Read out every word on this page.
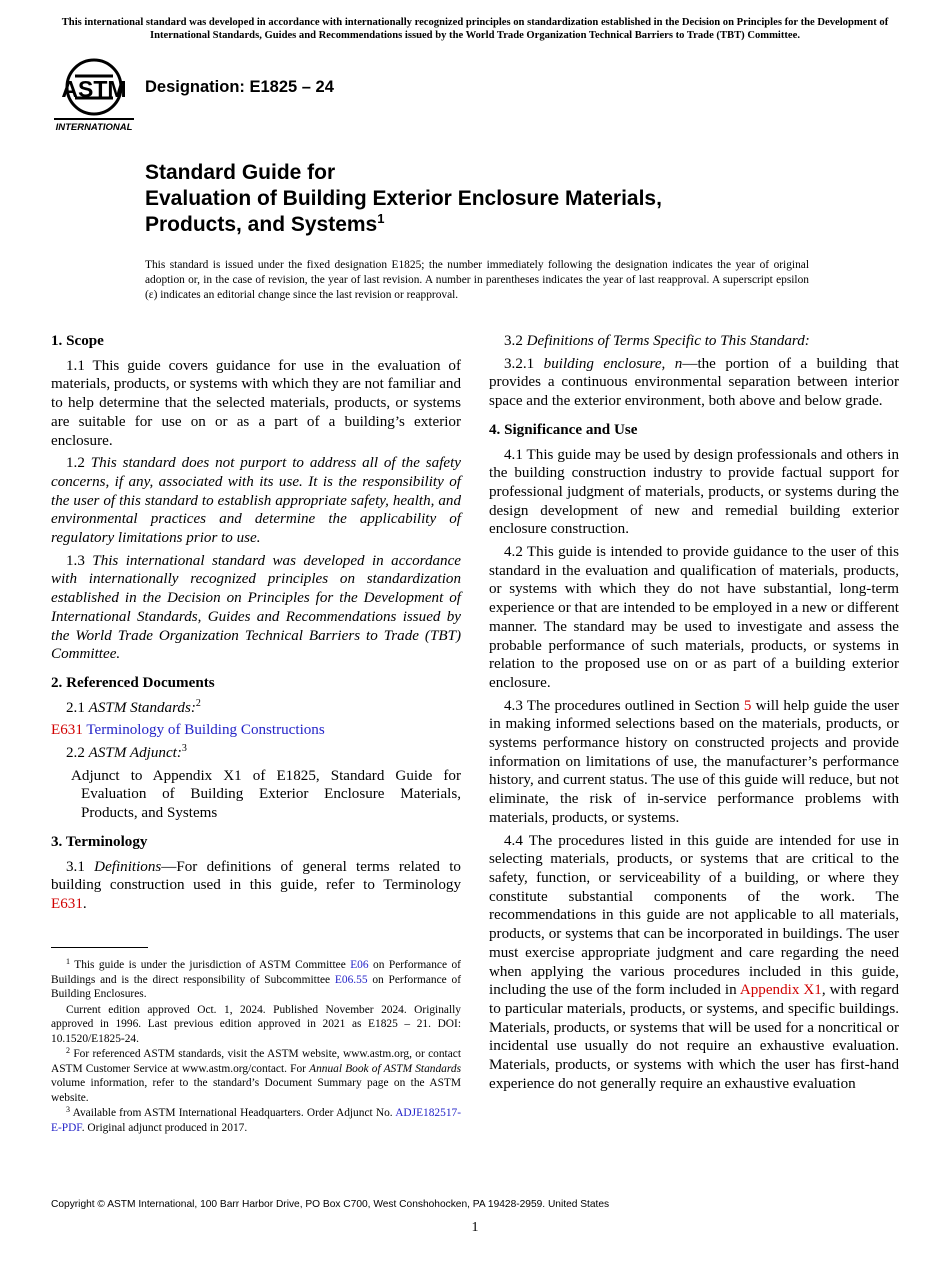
This international standard was developed in accordance with internationally recognized principles on standardization established in the Decision on Principles for the Development of International Standards, Guides and Recommendations issued by the World Trade Organization Technical Barriers to Trade (TBT) Committee.
ASTM
INTERNATIONAL
Designation: E1825 – 24
Standard Guide for
Evaluation of Building Exterior Enclosure Materials,
Products, and Systems$^1$
This standard is issued under the fixed designation E1825; the number immediately following the designation indicates the year of original adoption or, in the case of revision, the year of last revision. A number in parentheses indicates the year of last reapproval. A superscript epsilon (ε) indicates an editorial change since the last revision or reapproval.
1. Scope

1.1 This guide covers guidance for use in the evaluation of materials, products, or systems with which they are not familiar and to help determine that the selected materials, products, or systems are suitable for use on or as a part of a building’s exterior enclosure.

1.2 This standard does not purport to address all of the safety concerns, if any, associated with its use. It is the responsibility of the user of this standard to establish appropriate safety, health, and environmental practices and determine the applicability of regulatory limitations prior to use.

1.3 This international standard was developed in accordance with internationally recognized principles on standardization established in the Decision on Principles for the Development of International Standards, Guides and Recommendations issued by the World Trade Organization Technical Barriers to Trade (TBT) Committee.

2. Referenced Documents

2.1 ASTM Standards:$^2$

E631 Terminology of Building Constructions

2.2 ASTM Adjunct:$^3$

Adjunct to Appendix X1 of E1825, Standard Guide for Evaluation of Building Exterior Enclosure Materials, Products, and Systems

3. Terminology

3.1 Definitions—For definitions of general terms related to building construction used in this guide, refer to Terminology E631.

$^1$ This guide is under the jurisdiction of ASTM Committee E06 on Performance of Buildings and is the direct responsibility of Subcommittee E06.55 on Performance of Building Enclosures.

Current edition approved Oct. 1, 2024. Published November 2024. Originally approved in 1996. Last previous edition approved in 2021 as E1825 – 21. DOI: 10.1520/E1825-24.

$^2$ For referenced ASTM standards, visit the ASTM website, www.astm.org, or contact ASTM Customer Service at www.astm.org/contact. For Annual Book of ASTM Standards volume information, refer to the standard’s Document Summary page on the ASTM website.

$^3$ Available from ASTM International Headquarters. Order Adjunct No. ADJE182517-E-PDF. Original adjunct produced in 2017.

3.2 Definitions of Terms Specific to This Standard:

3.2.1 building enclosure, n—the portion of a building that provides a continuous environmental separation between interior space and the exterior environment, both above and below grade.

4. Significance and Use

4.1 This guide may be used by design professionals and others in the building construction industry to provide factual support for professional judgment of materials, products, or systems during the design development of new and remedial building exterior enclosure construction.

4.2 This guide is intended to provide guidance to the user of this standard in the evaluation and qualification of materials, products, or systems with which they do not have substantial, long-term experience or that are intended to be employed in a new or different manner. The standard may be used to investigate and assess the probable performance of such materials, products, or systems in relation to the proposed use on or as part of a building exterior enclosure.

4.3 The procedures outlined in Section 5 will help guide the user in making informed selections based on the materials, products, or systems performance history on constructed projects and provide information on limitations of use, the manufacturer’s performance history, and current status. The use of this guide will reduce, but not eliminate, the risk of in-service performance problems with materials, products, or systems.

4.4 The procedures listed in this guide are intended for use in selecting materials, products, or systems that are critical to the safety, function, or serviceability of a building, or where they constitute substantial components of the work. The recommendations in this guide are not applicable to all materials, products, or systems that can be incorporated in buildings. The user must exercise appropriate judgment and care regarding the need when applying the various procedures included in this guide, including the use of the form included in Appendix X1, with regard to particular materials, products, or systems, and specific buildings. Materials, products, or systems that will be used for a noncritical or incidental use usually do not require an exhaustive evaluation. Materials, products, or systems with which the user has first-hand experience do not generally require an exhaustive evaluation

Copyright © ASTM International, 100 Barr Harbor Drive, PO Box C700, West Conshohocken, PA 19428-2959. United States
1
